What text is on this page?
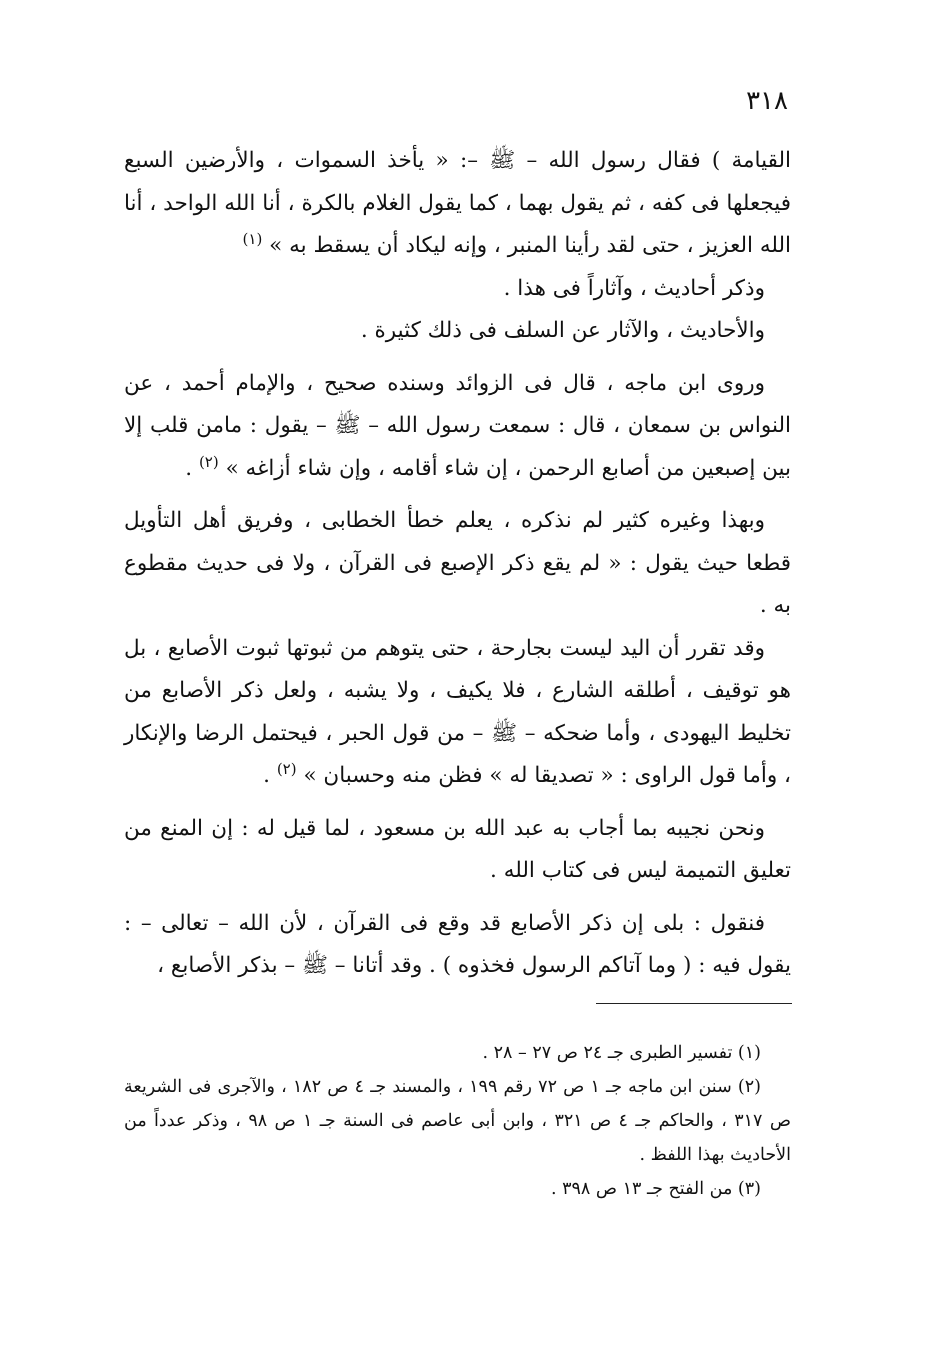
٣١٨

القيامة ) فقال رسول الله – ﷺ –: « يأخذ السموات ، والأرضين السبع فيجعلها فى كفه ، ثم يقول بهما ، كما يقول الغلام بالكرة ، أنا الله الواحد ، أنا الله العزيز ، حتى لقد رأينا المنبر ، وإنه ليكاد أن يسقط به » $^{(١)}$

وذكر أحاديث ، وآثاراً فى هذا .

والأحاديث ، والآثار عن السلف فى ذلك كثيرة .

وروى ابن ماجه ، قال فى الزوائد وسنده صحيح ، والإمام أحمد ، عن النواس بن سمعان ، قال : سمعت رسول الله – ﷺ – يقول : مامن قلب إلا بين إصبعين من أصابع الرحمن ، إن شاء أقامه ، وإن شاء أزاغه » $^{(٢)}$ .

وبهذا وغيره كثير لم نذكره ، يعلم خطأ الخطابى ، وفريق أهل التأويل قطعا حيث يقول : « لم يقع ذكر الإصبع فى القرآن ، ولا فى حديث مقطوع به .

وقد تقرر أن اليد ليست بجارحة ، حتى يتوهم من ثبوتها ثبوت الأصابع ، بل هو توقيف ، أطلقه الشارع ، فلا يكيف ، ولا يشبه ، ولعل ذكر الأصابع من تخليط اليهودى ، وأما ضحكه – ﷺ – من قول الحبر ، فيحتمل الرضا والإنكار ، وأما قول الراوى : « تصديقا له » فظن منه وحسبان » $^{(٢)}$ .

ونحن نجيبه بما أجاب به عبد الله بن مسعود ، لما قيل له : إن المنع من تعليق التميمة ليس فى كتاب الله .

فنقول : بلى إن ذكر الأصابع قد وقع فى القرآن ، لأن الله – تعالى – : يقول فيه : ( وما آتاكم الرسول فخذوه ) . وقد أتانا – ﷺ – بذكر الأصابع ،

(١) تفسير الطبرى جـ ٢٤ ص ٢٧ – ٢٨ .

(٢) سنن ابن ماجه جـ ١ ص ٧٢ رقم ١٩٩ ، والمسند جـ ٤ ص ١٨٢ ، والآجرى فى الشريعة ص ٣١٧ ، والحاكم جـ ٤ ص ٣٢١ ، وابن أبى عاصم فى السنة جـ ١ ص ٩٨ ، وذكر عدداً من الأحاديث بهذا اللفظ .

(٣) من الفتح جـ ١٣ ص ٣٩٨ .
